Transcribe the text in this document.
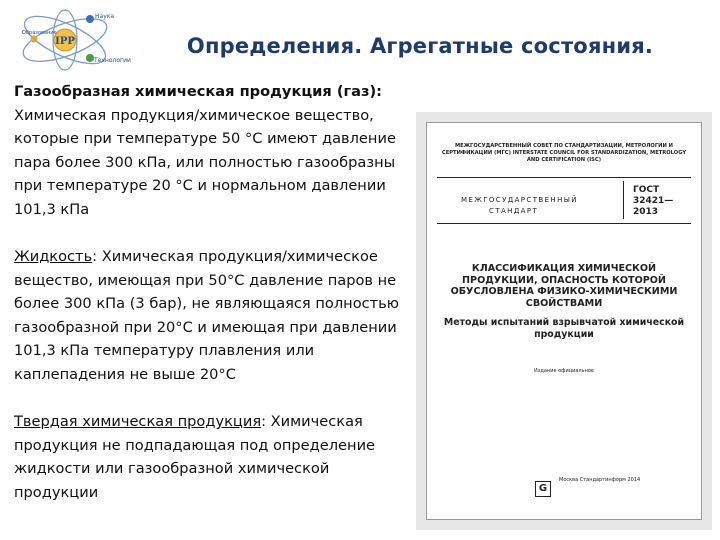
IPP
Наука
Технологии
Образование
Определения. Агрегатные состояния.

Газообразная химическая продукция (газ): Химическая продукция/химическое вещество, которые при температуре 50 °С имеют давление пара более 300 кПа, или полностью газообразны при температуре 20 °С и нормальном давлении 101,3 кПа

Жидкость: Химическая продукция/химическое вещество, имеющая при 50°С давление паров не более 300 кПа (3 бар), не являющаяся полностью газообразной при 20°С и имеющая при давлении 101,3 кПа температуру плавления или каплепадения не выше 20°С

Твердая химическая продукция: Химическая продукция не подпадающая под определение жидкости или газообразной химической продукции

МЕЖГОСУДАРСТВЕННЫЙ СОВЕТ ПО СТАНДАРТИЗАЦИИ, МЕТРОЛОГИИ И СЕРТИФИКАЦИИ (МГС) INTERSTATE COUNCIL FOR STANDARDIZATION, METROLOGY AND CERTIFICATION (ISC)
МЕЖГОСУДАРСТВЕННЫЙ
СТАНДАРТ
ГОСТ
32421—
2013
КЛАССИФИКАЦИЯ ХИМИЧЕСКОЙ ПРОДУКЦИИ, ОПАСНОСТЬ КОТОРОЙ ОБУСЛОВЛЕНА ФИЗИКО-ХИМИЧЕСКИМИ СВОЙСТВАМИ
Методы испытаний взрывчатой химической продукции
Издание официальное
G
Москва Стандартинформ 2014
